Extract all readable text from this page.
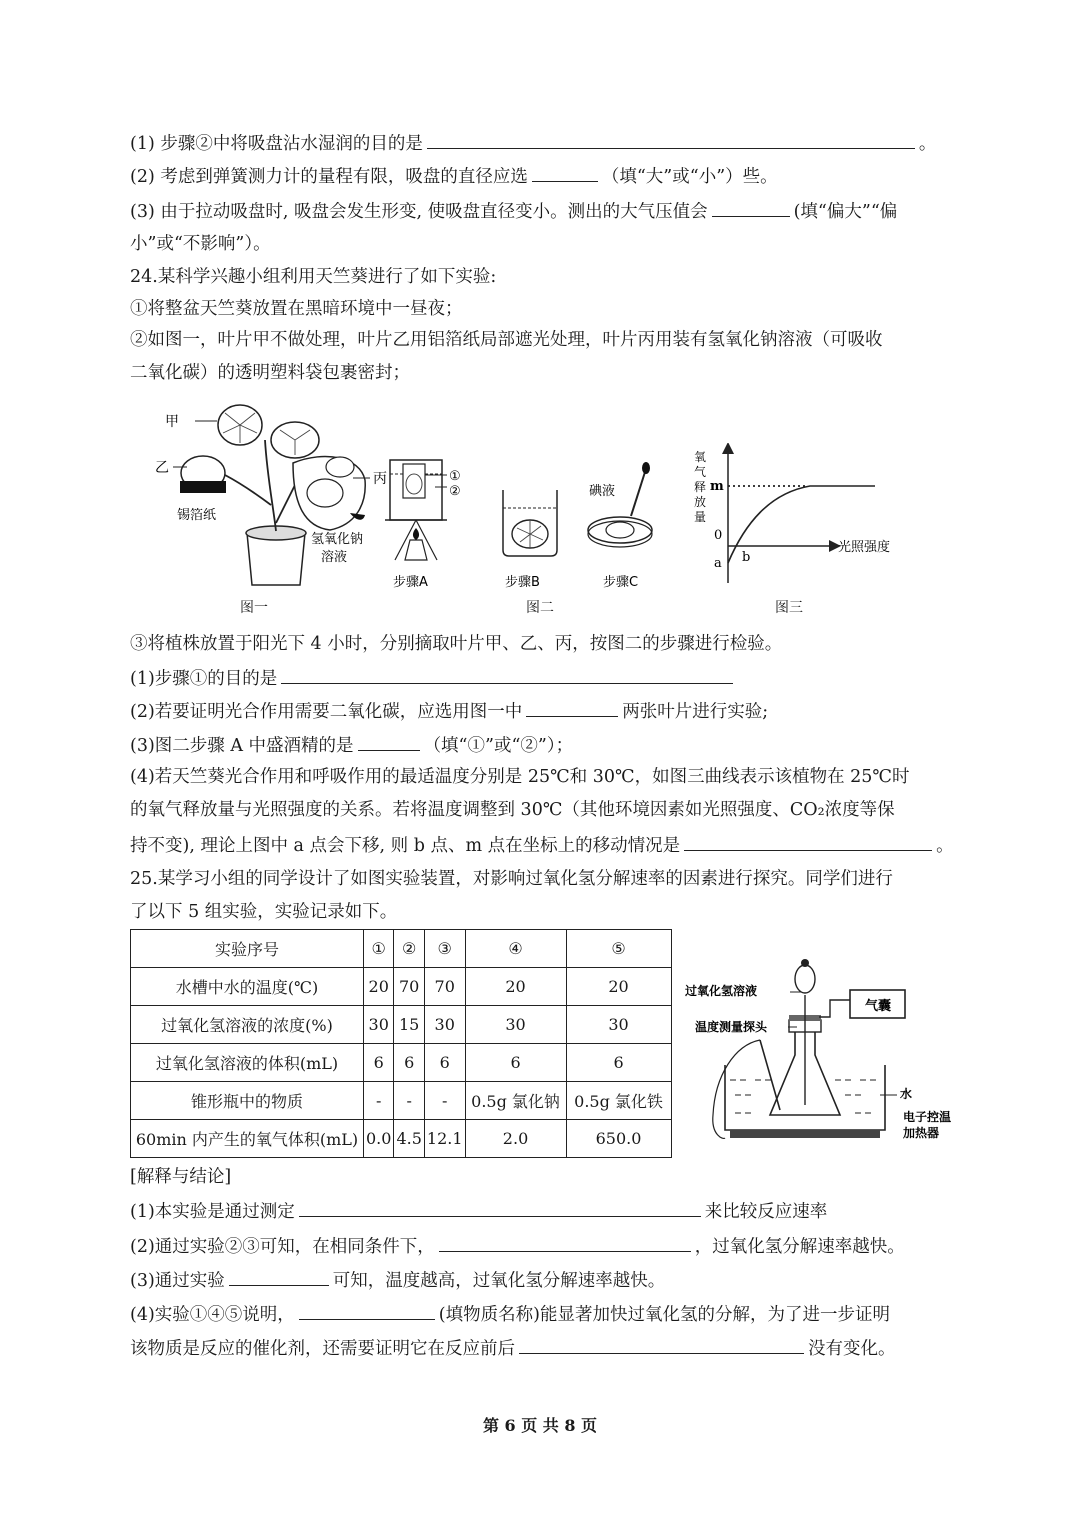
(1) 步骤②中将吸盘沾水湿润的目的是	。
(2) 考虑到弹簧测力计的量程有限，吸盘的直径应选	（填“大”或“小”）些。
(3) 由于拉动吸盘时, 吸盘会发生形变, 使吸盘直径变小。测出的大气压值会	(填“偏大”“偏
小”或“不影响”）。
24.某科学兴趣小组利用天竺葵进行了如下实验:
①将整盆天竺葵放置在黑暗环境中一昼夜；
②如图一，叶片甲不做处理，叶片乙用铝箔纸局部遮光处理，叶片丙用装有氢氧化钠溶液（可吸收
二氧化碳）的透明塑料袋包裹密封；
甲
乙
丙
锡箔纸
氢氧化钠
溶液
图一
①
②
步骤A	步骤B
碘液
步骤C
图二
氧
气
释
放
量
m
0
a b
光照强度
图三
③将植株放置于阳光下 4 小时，分别摘取叶片甲、乙、丙，按图二的步骤进行检验。
(1)步骤①的目的是
(2)若要证明光合作用需要二氧化碳，应选用图一中	两张叶片进行实验;
(3)图二步骤 A 中盛酒精的是	（填“①”或“②”）；
(4)若天竺葵光合作用和呼吸作用的最适温度分别是 25℃和 30℃，如图三曲线表示该植物在 25℃时
的氧气释放量与光照强度的关系。若将温度调整到 30℃（其他环境因素如光照强度、CO₂浓度等保
持不变), 理论上图中 a 点会下移, 则 b 点、m 点在坐标上的移动情况是	。
25.某学习小组的同学设计了如图实验装置，对影响过氧化氢分解速率的因素进行探究。同学们进行
了以下 5 组实验，实验记录如下。
实验序号	①	②	③	④	⑤
水槽中水的温度(℃)	20	70	70	20	20
过氧化氢溶液的浓度(%)	30	15	30	30	30
过氧化氢溶液的体积(mL)	6	6	6	6	6
锥形瓶中的物质	-	-	-	0.5g 氯化钠	0.5g 氯化铁
60min 内产生的氧气体积(mL)	0.0	4.5	12.1	2.0	650.0
气囊
过氧化氢溶液
温度测量探头
水
电子控温
加热器
[解释与结论]
(1)本实验是通过测定	来比较反应速率
(2)通过实验②③可知，在相同条件下，	，过氧化氢分解速率越快。
(3)通过实验	可知，温度越高，过氧化氢分解速率越快。
(4)实验①④⑤说明，	(填物质名称)能显著加快过氧化氢的分解，为了进一步证明
该物质是反应的催化剂，还需要证明它在反应前后	没有变化。
第 6 页 共 8 页
